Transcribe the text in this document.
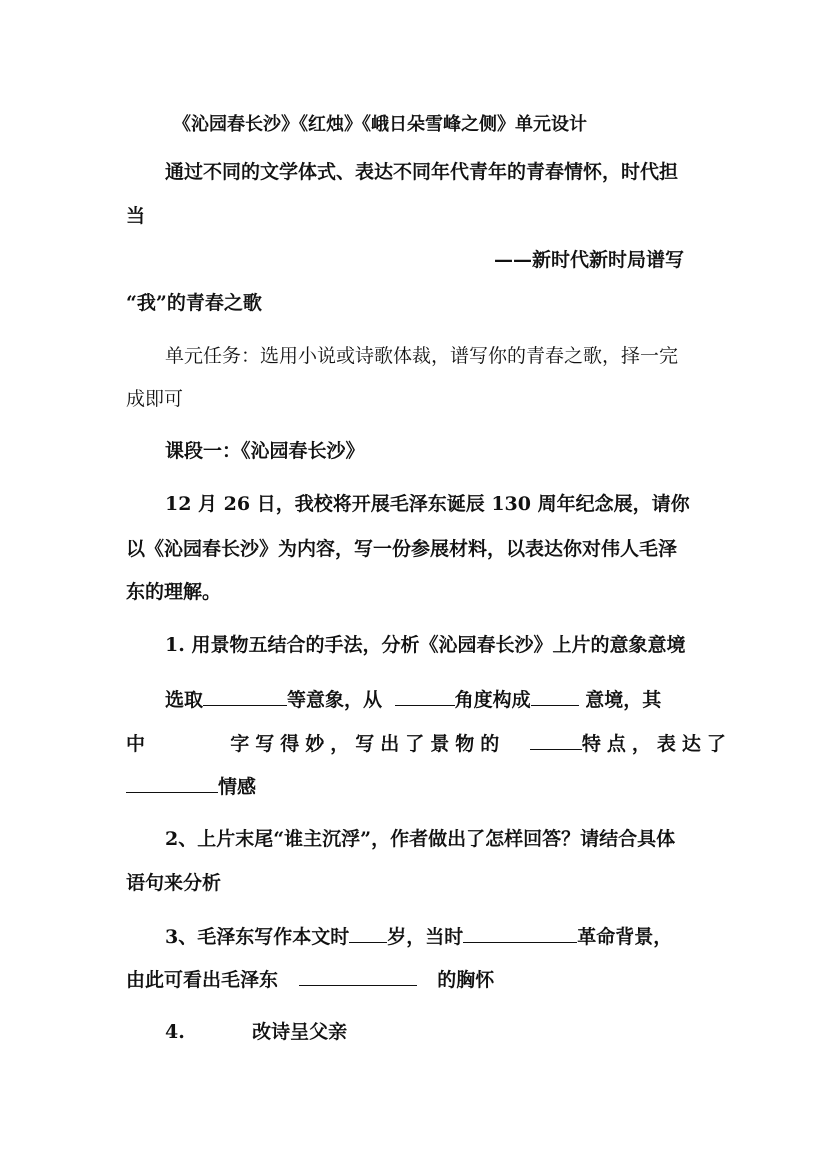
《沁园春长沙》《红烛》《峨日朵雪峰之侧》单元设计
通过不同的文学体式、表达不同年代青年的青春情怀，时代担
当
——新时代新时局谱写
“我”的青春之歌
单元任务：选用小说或诗歌体裁，谱写你的青春之歌，择一完
成即可
课段一：《沁园春长沙》
12 月 26 日，我校将开展毛泽东诞辰 130 周年纪念展，请你
以《沁园春长沙》为内容，写一份参展材料，以表达你对伟人毛泽
东的理解。
1. 用景物五结合的手法，分析《沁园春长沙》上片的意象意境
选取	等意象，从	角度构成	意境，其
中	字写得妙，写出了景物的	特点，表达了
情感
2、上片末尾“谁主沉浮”，作者做出了怎样回答？请结合具体
语句来分析
3、毛泽东写作本文时 岁，当时	革命背景，
由此可看出毛泽东	的胸怀
4.	改诗呈父亲
